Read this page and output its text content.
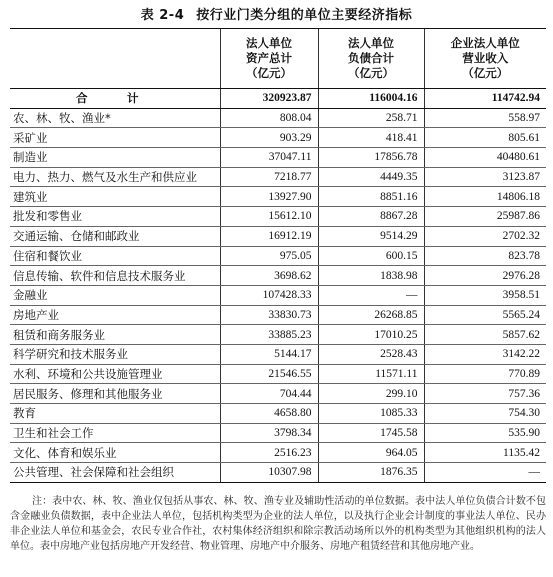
表 2-4 按行业门类分组的单位主要经济指标
	法人单位
资产总计
（亿元）	法人单位
负债合计
（亿元）	企业法人单位
营业收入
（亿元）
合　计	320923.87	116004.16	114742.94
农、林、牧、渔业*	808.04	258.71	558.97
采矿业	903.29	418.41	805.61
制造业	37047.11	17856.78	40480.61
电力、热力、燃气及水生产和供应业	7218.77	4449.35	3123.87
建筑业	13927.90	8851.16	14806.18
批发和零售业	15612.10	8867.28	25987.86
交通运输、仓储和邮政业	16912.19	9514.29	2702.32
住宿和餐饮业	975.05	600.15	823.78
信息传输、软件和信息技术服务业	3698.62	1838.98	2976.28
金融业	107428.33	—	3958.51
房地产业	33830.73	26268.85	5565.24
租赁和商务服务业	33885.23	17010.25	5857.62
科学研究和技术服务业	5144.17	2528.43	3142.22
水利、环境和公共设施管理业	21546.55	11571.11	770.89
居民服务、修理和其他服务业	704.44	299.10	757.36
教育	4658.80	1085.33	754.30
卫生和社会工作	3798.34	1745.58	535.90
文化、体育和娱乐业	2516.23	964.05	1135.42
公共管理、社会保障和社会组织	10307.98	1876.35	—
注：表中农、林、牧、渔业仅包括从事农、林、牧、渔专业及辅助性活动的单位数据。表中法人单位负债合计数不包含金融业负债数据，表中企业法人单位，包括机构类型为企业的法人单位，以及执行企业会计制度的事业法人单位、民办非企业法人单位和基金会，农民专业合作社，农村集体经济组织和除宗教活动场所以外的机构类型为其他组织机构的法人单位。表中房地产业包括房地产开发经营、物业管理、房地产中介服务、房地产租赁经营和其他房地产业。
